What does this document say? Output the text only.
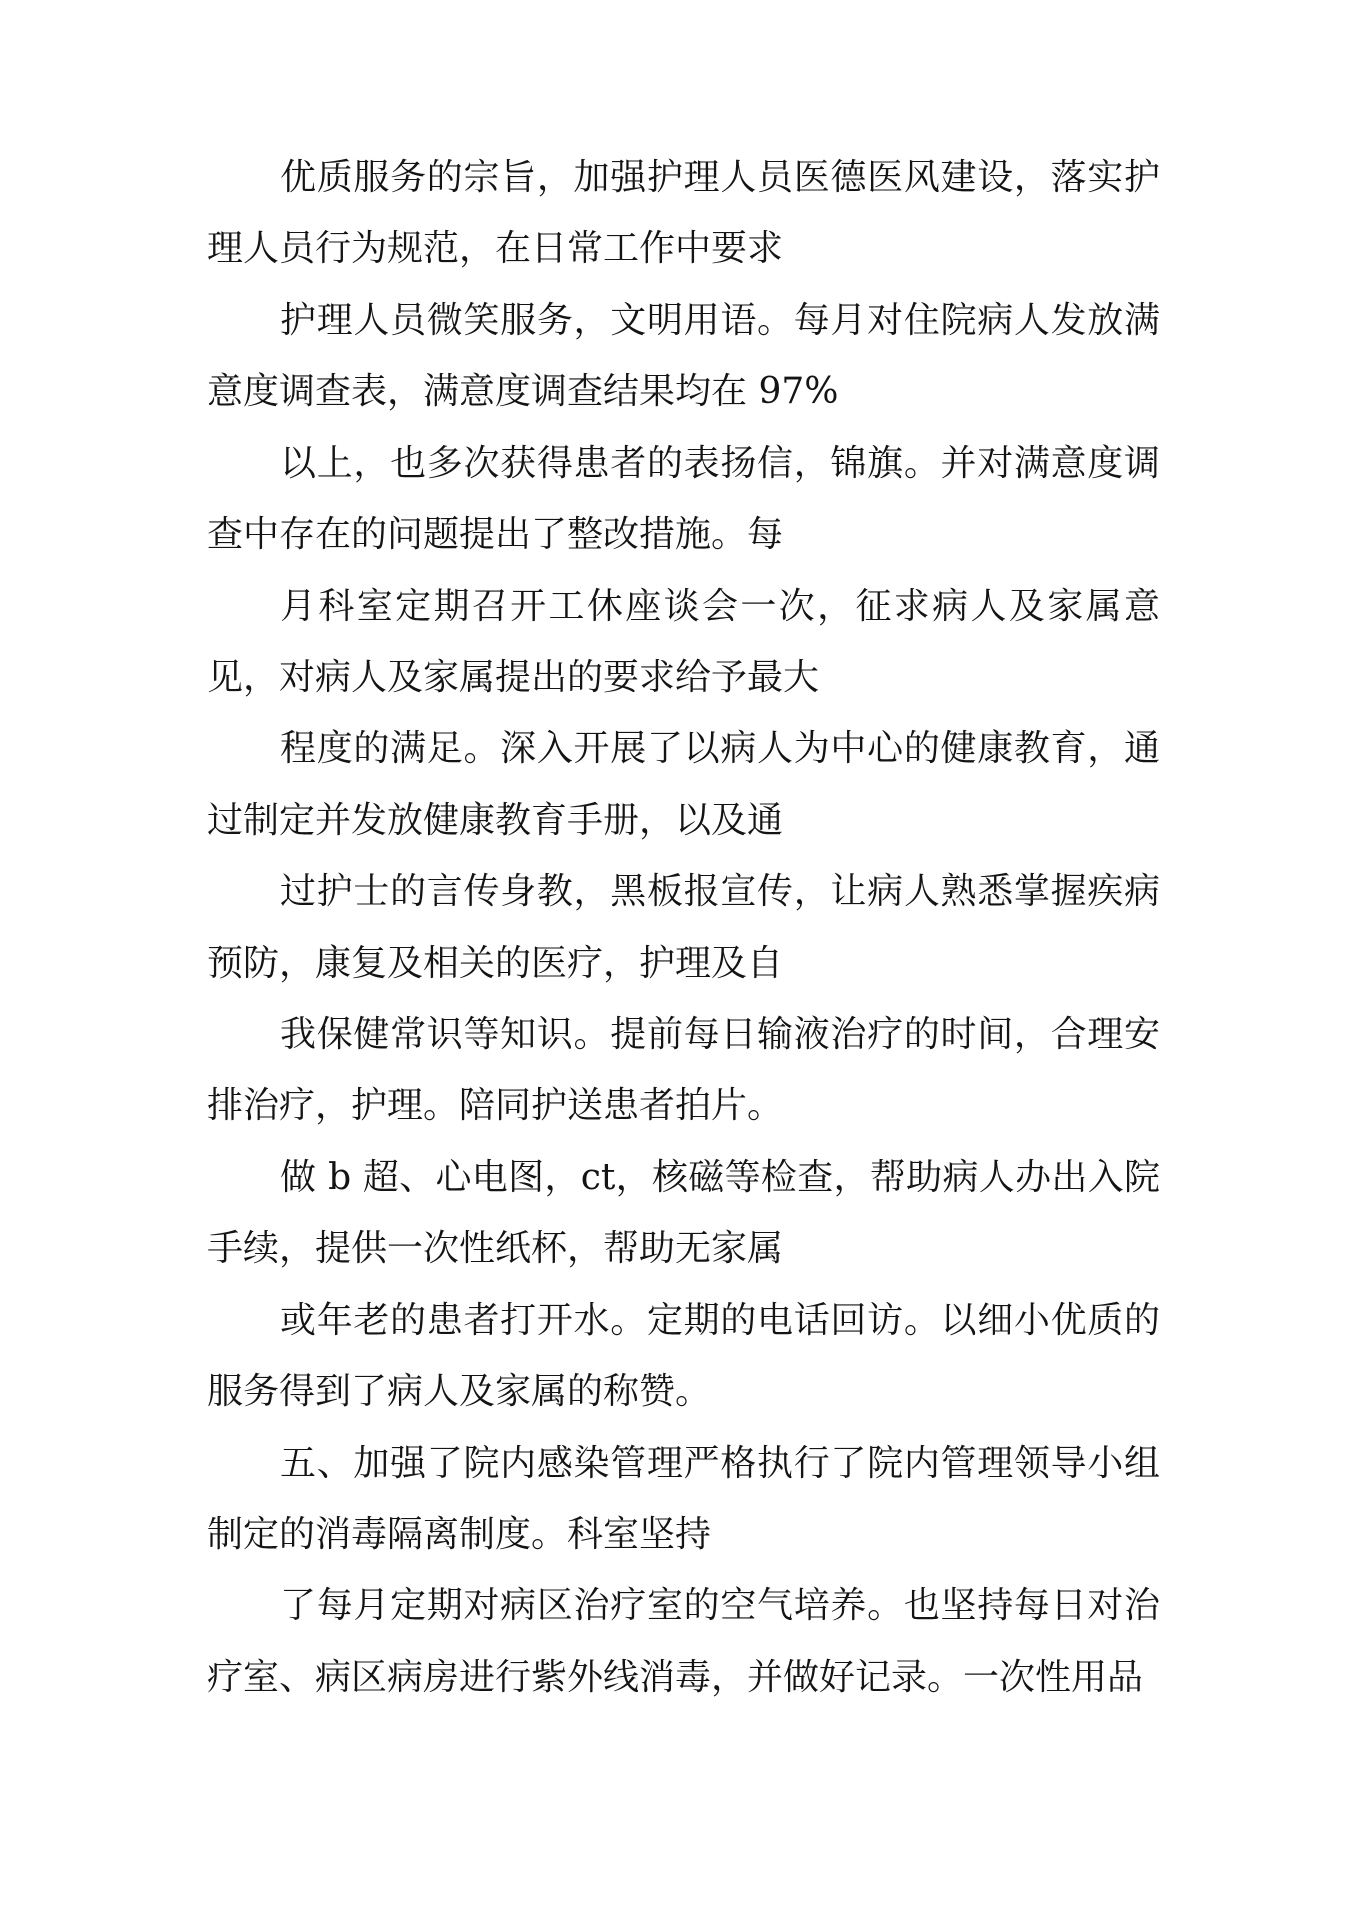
优质服务的宗旨，加强护理人员医德医风建设，落实护
理人员行为规范，在日常工作中要求
护理人员微笑服务，文明用语。每月对住院病人发放满
意度调查表，满意度调查结果均在 97%
以上，也多次获得患者的表扬信，锦旗。并对满意度调
查中存在的问题提出了整改措施。每
月科室定期召开工休座谈会一次，征求病人及家属意
见，对病人及家属提出的要求给予最大
程度的满足。深入开展了以病人为中心的健康教育，通
过制定并发放健康教育手册，以及通
过护士的言传身教，黑板报宣传，让病人熟悉掌握疾病
预防，康复及相关的医疗，护理及自
我保健常识等知识。提前每日输液治疗的时间，合理安
排治疗，护理。陪同护送患者拍片。
做 b 超、心电图，ct，核磁等检查，帮助病人办出入院
手续，提供一次性纸杯，帮助无家属
或年老的患者打开水。定期的电话回访。以细小优质的
服务得到了病人及家属的称赞。
五、加强了院内感染管理严格执行了院内管理领导小组
制定的消毒隔离制度。科室坚持
了每月定期对病区治疗室的空气培养。也坚持每日对治
疗室、病区病房进行紫外线消毒，并做好记录。一次性用品
